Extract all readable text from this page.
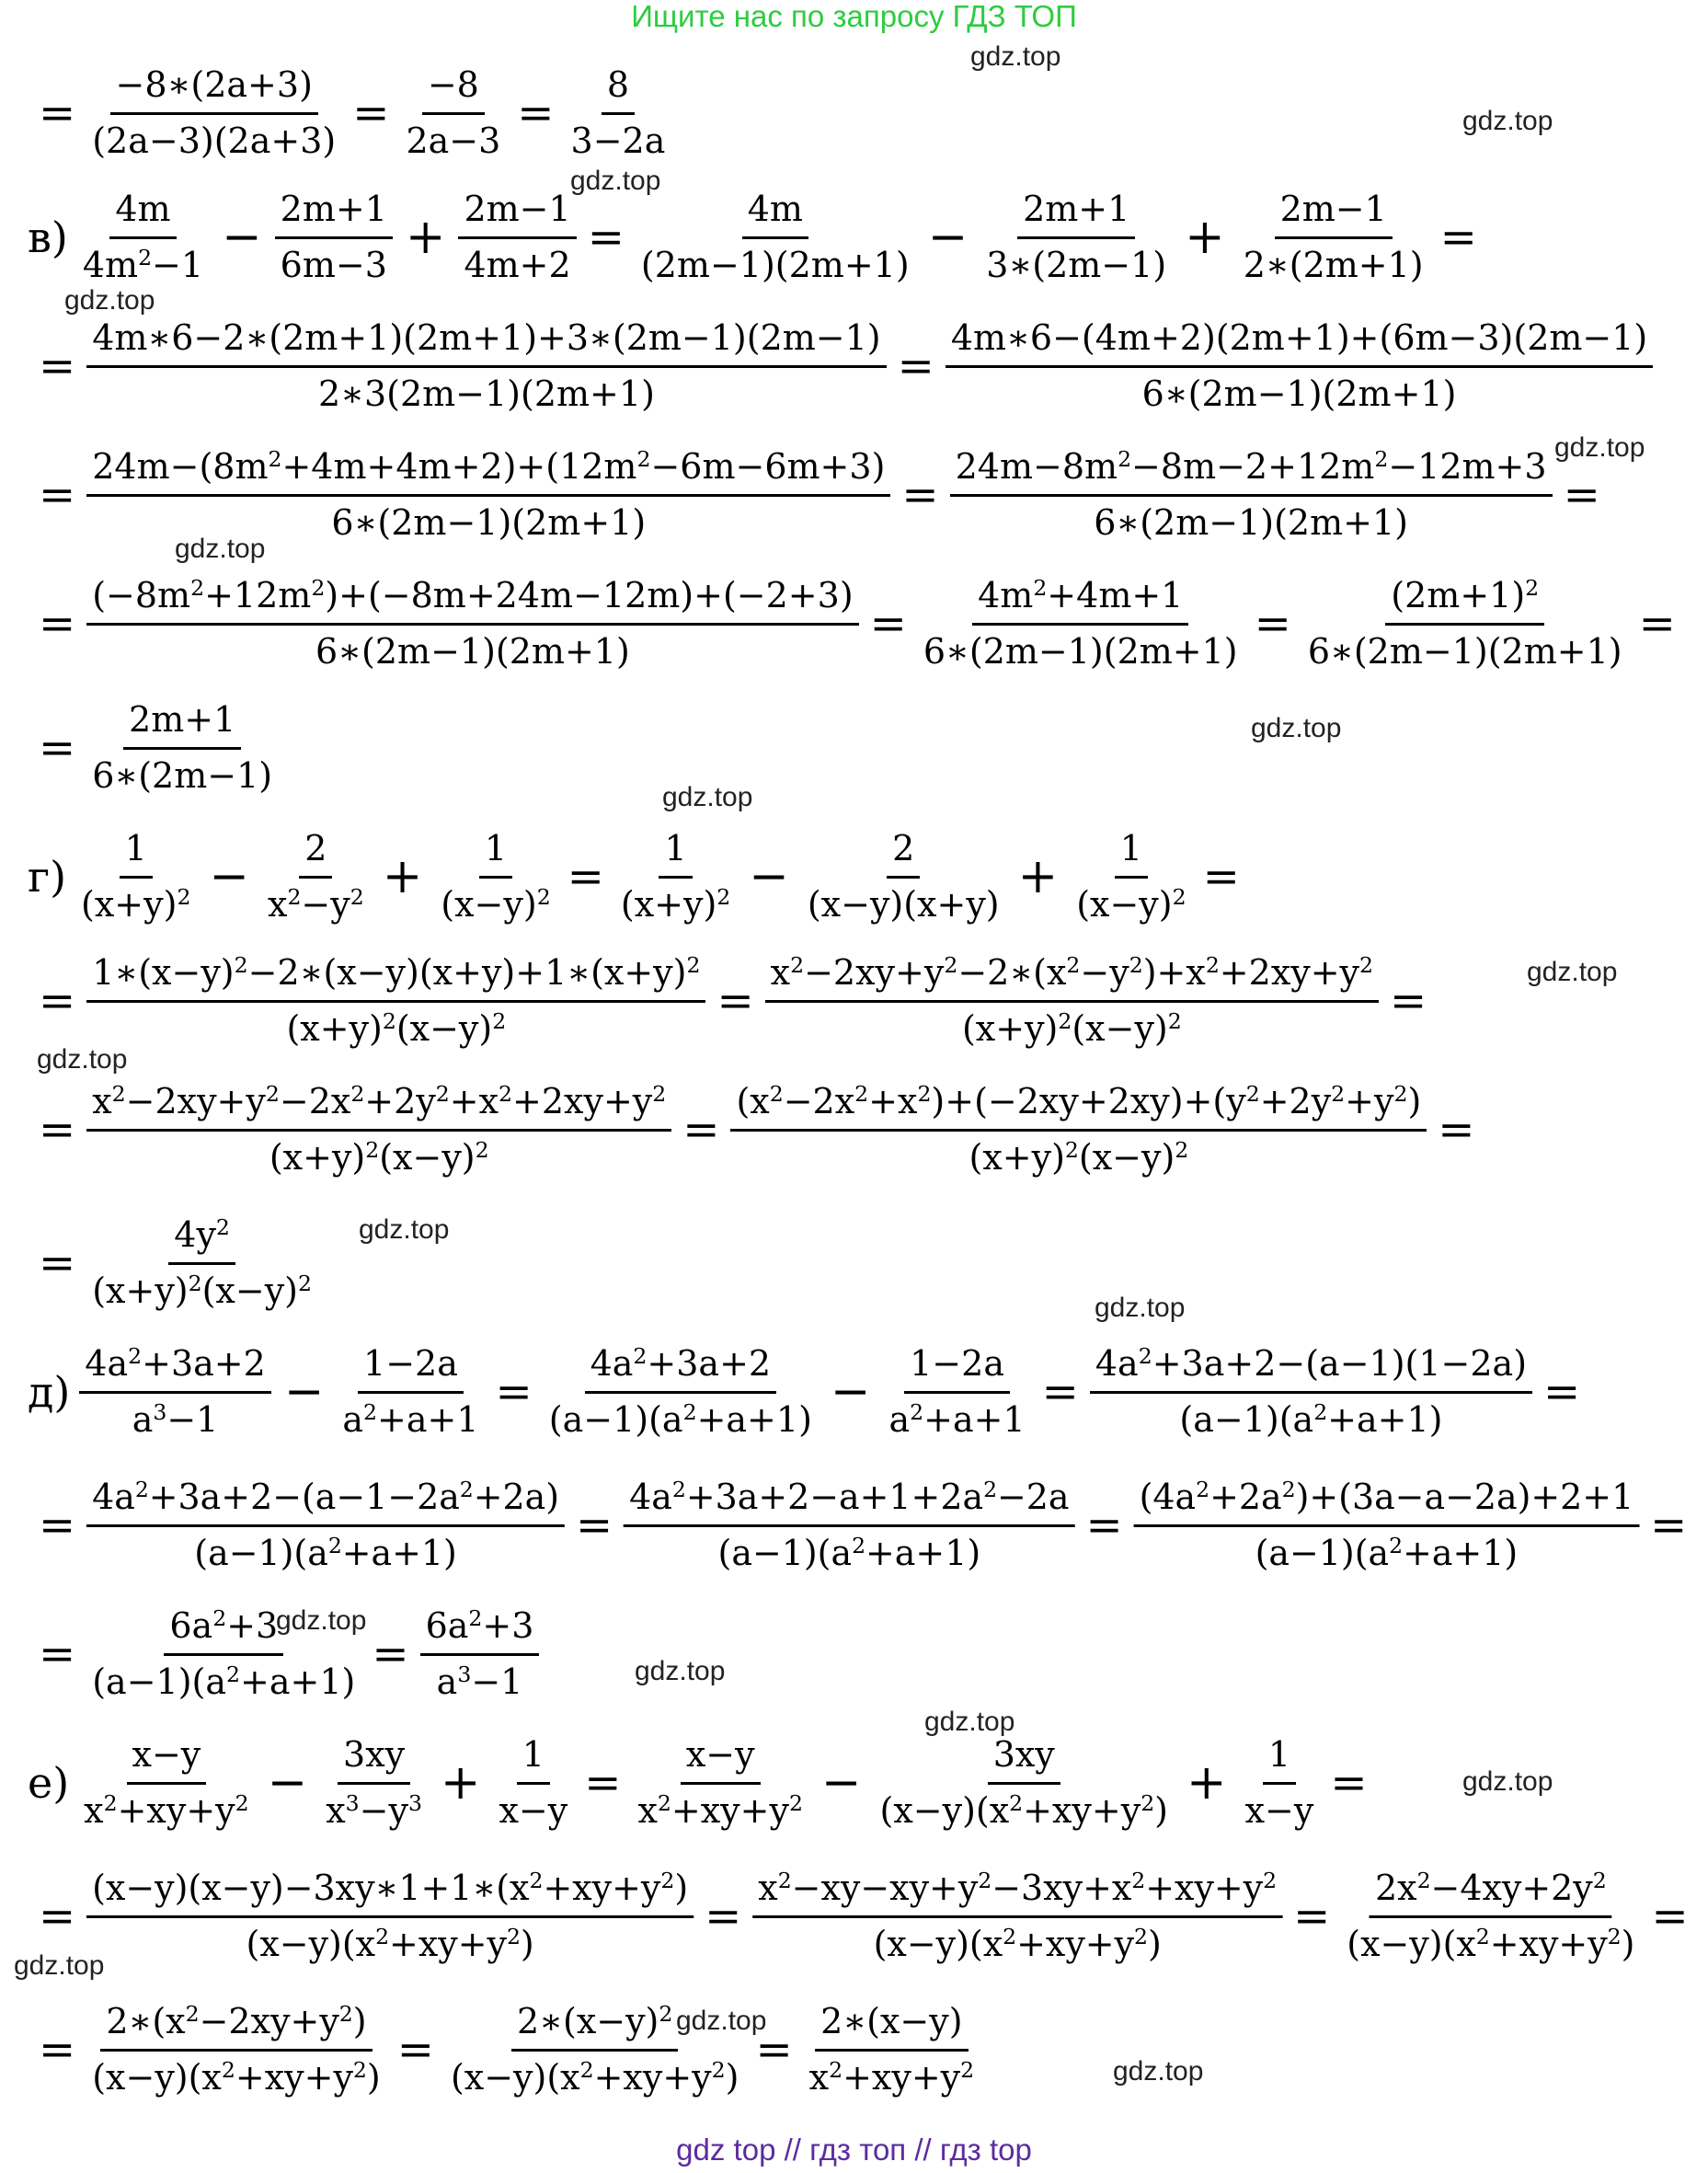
Ищите нас по запросу ГДЗ ТОП
= $\frac{-8∗(2a+3)}{(2a-3)(2a+3)} = \frac{-8}{2a-3} = \frac{8}{3-2a}$
$в) \frac{4m}{4m^2-1} - \frac{2m+1}{6m-3} + \frac{2m-1}{4m+2} = \frac{4m}{(2m-1)(2m+1)} - \frac{2m+1}{3∗(2m-1)} + \frac{2m-1}{2∗(2m+1)}$ =
= $\frac{4m∗6-2∗(2m+1)(2m+1)+3∗(2m-1)(2m-1)}{2∗3(2m-1)(2m+1)} = \frac{4m∗6-(4m+2)(2m+1)+(6m-3)(2m-1)}{6∗(2m-1)(2m+1)}$
= $\frac{24m-(8m^2+4m+4m+2)+(12m^2-6m-6m+3)}{6∗(2m-1)(2m+1)} = \frac{24m-8m^2-8m-2+12m^2-12m+3}{6∗(2m-1)(2m+1)}$ =
= $\frac{(-8m^2+12m^2)+(-8m+24m-12m)+(-2+3)}{6∗(2m-1)(2m+1)} = \frac{4m^2+4m+1}{6∗(2m-1)(2m+1)} = \frac{(2m+1)^2}{6∗(2m-1)(2m+1)}$ =
= $\frac{2m+1}{6∗(2m-1)}$
$г) \frac{1}{(x+y)^2} - \frac{2}{x^2-y^2} + \frac{1}{(x-y)^2} = \frac{1}{(x+y)^2} - \frac{2}{(x-y)(x+y)} + \frac{1}{(x-y)^2}$ =
= $\frac{1∗(x-y)^2-2∗(x-y)(x+y)+1∗(x+y)^2}{(x+y)^2(x-y)^2} = \frac{x^2-2xy+y^2-2∗(x^2-y^2)+x^2+2xy+y^2}{(x+y)^2(x-y)^2}$ =
= $\frac{x^2-2xy+y^2-2x^2+2y^2+x^2+2xy+y^2}{(x+y)^2(x-y)^2} = \frac{(x^2-2x^2+x^2)+(-2xy+2xy)+(y^2+2y^2+y^2)}{(x+y)^2(x-y)^2}$ =
= $\frac{4y^2}{(x+y)^2(x-y)^2}$
$д) \frac{4a^2+3a+2}{a^3-1} - \frac{1-2a}{a^2+a+1} = \frac{4a^2+3a+2}{(a-1)(a^2+a+1)} - \frac{1-2a}{a^2+a+1} = \frac{4a^2+3a+2-(a-1)(1-2a)}{(a-1)(a^2+a+1)}$ =
= $\frac{4a^2+3a+2-(a-1-2a^2+2a)}{(a-1)(a^2+a+1)} = \frac{4a^2+3a+2-a+1+2a^2-2a}{(a-1)(a^2+a+1)} = \frac{(4a^2+2a^2)+(3a-a-2a)+2+1}{(a-1)(a^2+a+1)}$ =
= $\frac{6a^2+3}{(a-1)(a^2+a+1)} = \frac{6a^2+3}{a^3-1}$
$е) \frac{x-y}{x^2+xy+y^2} - \frac{3xy}{x^3-y^3} + \frac{1}{x-y} = \frac{x-y}{x^2+xy+y^2} - \frac{3xy}{(x-y)(x^2+xy+y^2)} + \frac{1}{x-y}$ =
= $\frac{(x-y)(x-y)-3xy∗1+1∗(x^2+xy+y^2)}{(x-y)(x^2+xy+y^2)} = \frac{x^2-xy-xy+y^2-3xy+x^2+xy+y^2}{(x-y)(x^2+xy+y^2)} = \frac{2x^2-4xy+2y^2}{(x-y)(x^2+xy+y^2)}$ =
= $\frac{2∗(x^2-2xy+y^2)}{(x-y)(x^2+xy+y^2)} = \frac{2∗(x-y)^2}{(x-y)(x^2+xy+y^2)} = \frac{2∗(x-y)}{x^2+xy+y^2}$
gdz.top
gdz.top
gdz.top
gdz.top
gdz.top
gdz.top
gdz.top
gdz.top
gdz.top
gdz.top
gdz.top
gdz.top
gdz.top
gdz.top
gdz.top
gdz.top
gdz.top
gdz.top
gdz.top
gdz top // гдз топ // гдз top
